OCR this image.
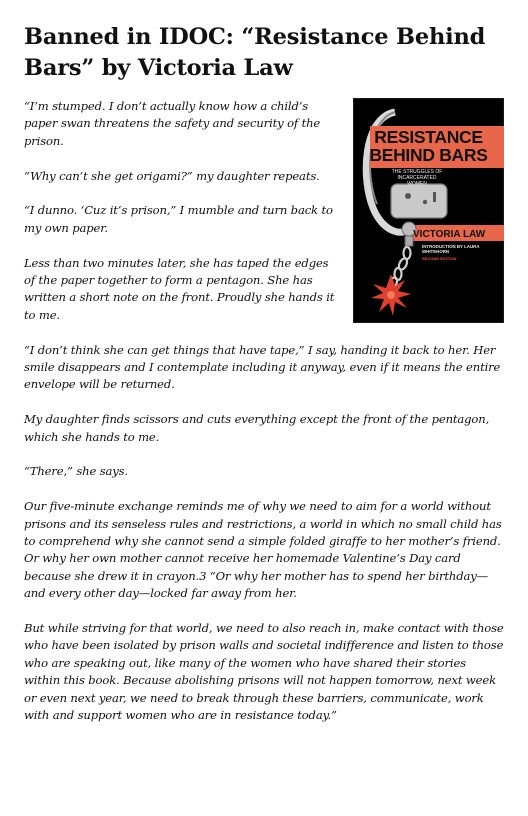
Banned in IDOC: “Resistance Behind Bars” by Victoria Law
RESISTANCE
BEHIND BARS
THE STRUGGLES OF INCARCERATED WOMEN
VICTORIA LAW
INTRODUCTION BY LAURA WHITEHORN
SECOND EDITION

“I’m stumped. I don’t actually know how a child’s paper swan threatens the safety and security of the prison.

“Why can’t she get origami?” my daughter repeats.

“I dunno. ‘Cuz it’s prison,” I mumble and turn back to my own paper.

Less than two minutes later, she has taped the edges of the paper together to form a pentagon. She has written a short note on the front. Proudly she hands it to me.

“I don’t think she can get things that have tape,” I say, handing it back to her. Her smile disappears and I contemplate including it anyway, even if it means the entire envelope will be returned.

My daughter finds scissors and cuts everything except the front of the pentagon, which she hands to me.

“There,” she says.

Our five-minute exchange reminds me of why we need to aim for a world without prisons and its senseless rules and restrictions, a world in which no small child has to comprehend why she cannot send a simple folded giraffe to her mother’s friend. Or why her own mother cannot receive her homemade Valentine’s Day card because she drew it in crayon.3 “Or why her mother has to spend her birthday—and every other day—locked far away from her.

But while striving for that world, we need to also reach in, make contact with those who have been isolated by prison walls and societal indifference and listen to those who are speaking out, like many of the women who have shared their stories within this book. Because abolishing prisons will not happen tomorrow, next week or even next year, we need to break through these barriers, communicate, work with and support women who are in resistance today.”
